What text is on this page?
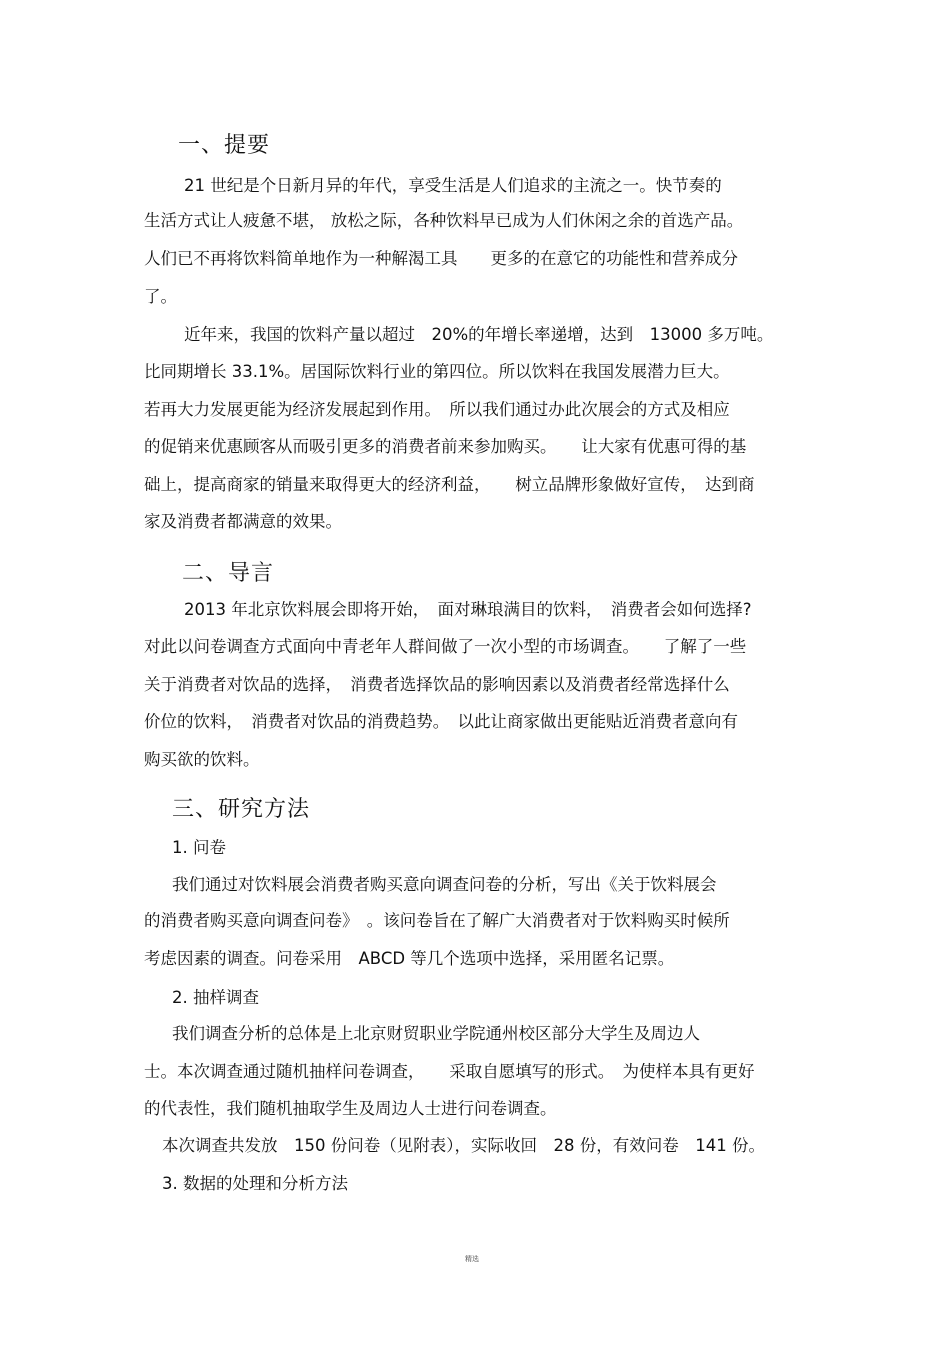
一、提要
21 世纪是个日新月异的年代，享受生活是人们追求的主流之一。快节奏的
生活方式让人疲惫不堪， 放松之际，各种饮料早已成为人们休闲之余的首选产品。
人们已不再将饮料简单地作为一种解渴工具　　更多的在意它的功能性和营养成分
了。
近年来，我国的饮料产量以超过　20%的年增长率递增，达到　13000 多万吨。
比同期增长 33.1%。居国际饮料行业的第四位。所以饮料在我国发展潜力巨大。
若再大力发展更能为经济发展起到作用。　所以我们通过办此次展会的方式及相应
的促销来优惠顾客从而吸引更多的消费者前来参加购买。　　让大家有优惠可得的基
础上，提高商家的销量来取得更大的经济利益，　　树立品牌形象做好宣传，　达到商
家及消费者都满意的效果。
二、导言
2013 年北京饮料展会即将开始，　面对琳琅满目的饮料，　消费者会如何选择?
对此以问卷调查方式面向中青老年人群间做了一次小型的市场调查。　　了解了一些
关于消费者对饮品的选择，　消费者选择饮品的影响因素以及消费者经常选择什么
价位的饮料，　消费者对饮品的消费趋势。　以此让商家做出更能贴近消费者意向有
购买欲的饮料。
三、研究方法
1. 问卷
我们通过对饮料展会消费者购买意向调查问卷的分析，写出《关于饮料展会
的消费者购买意向调查问卷》　。该问卷旨在了解广大消费者对于饮料购买时候所
考虑因素的调查。问卷采用　ABCD 等几个选项中选择，采用匿名记票。
2. 抽样调查
我们调查分析的总体是上北京财贸职业学院通州校区部分大学生及周边人
士。本次调查通过随机抽样问卷调查，　　采取自愿填写的形式。　为使样本具有更好
的代表性，我们随机抽取学生及周边人士进行问卷调查。
本次调查共发放　150 份问卷（见附表），实际收回　28 份，有效问卷　141 份。
3. 数据的处理和分析方法
精选
